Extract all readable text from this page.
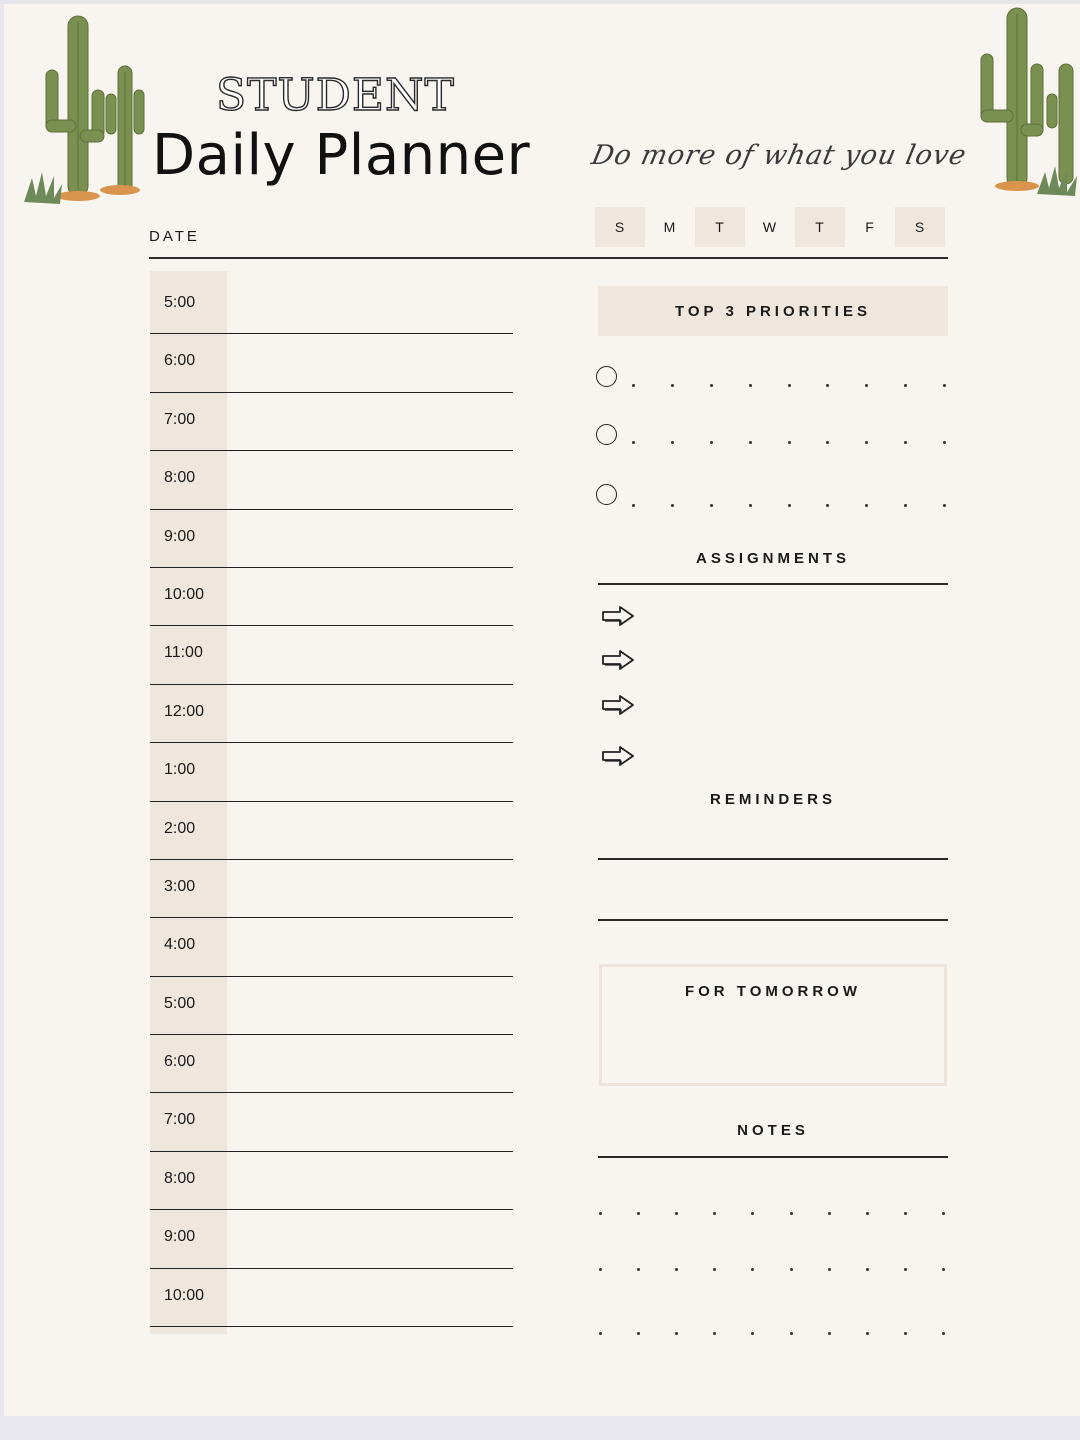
STUDENT
Daily Planner Do more of what you love
DATE
S	M	T	W	T	F	S
5:00
6:00
7:00
8:00
9:00
10:00
11:00
12:00
1:00
2:00
3:00
4:00
5:00
6:00
7:00
8:00
9:00
10:00
TOP 3 PRIORITIES
ASSIGNMENTS
REMINDERS
FOR TOMORROW
NOTES
